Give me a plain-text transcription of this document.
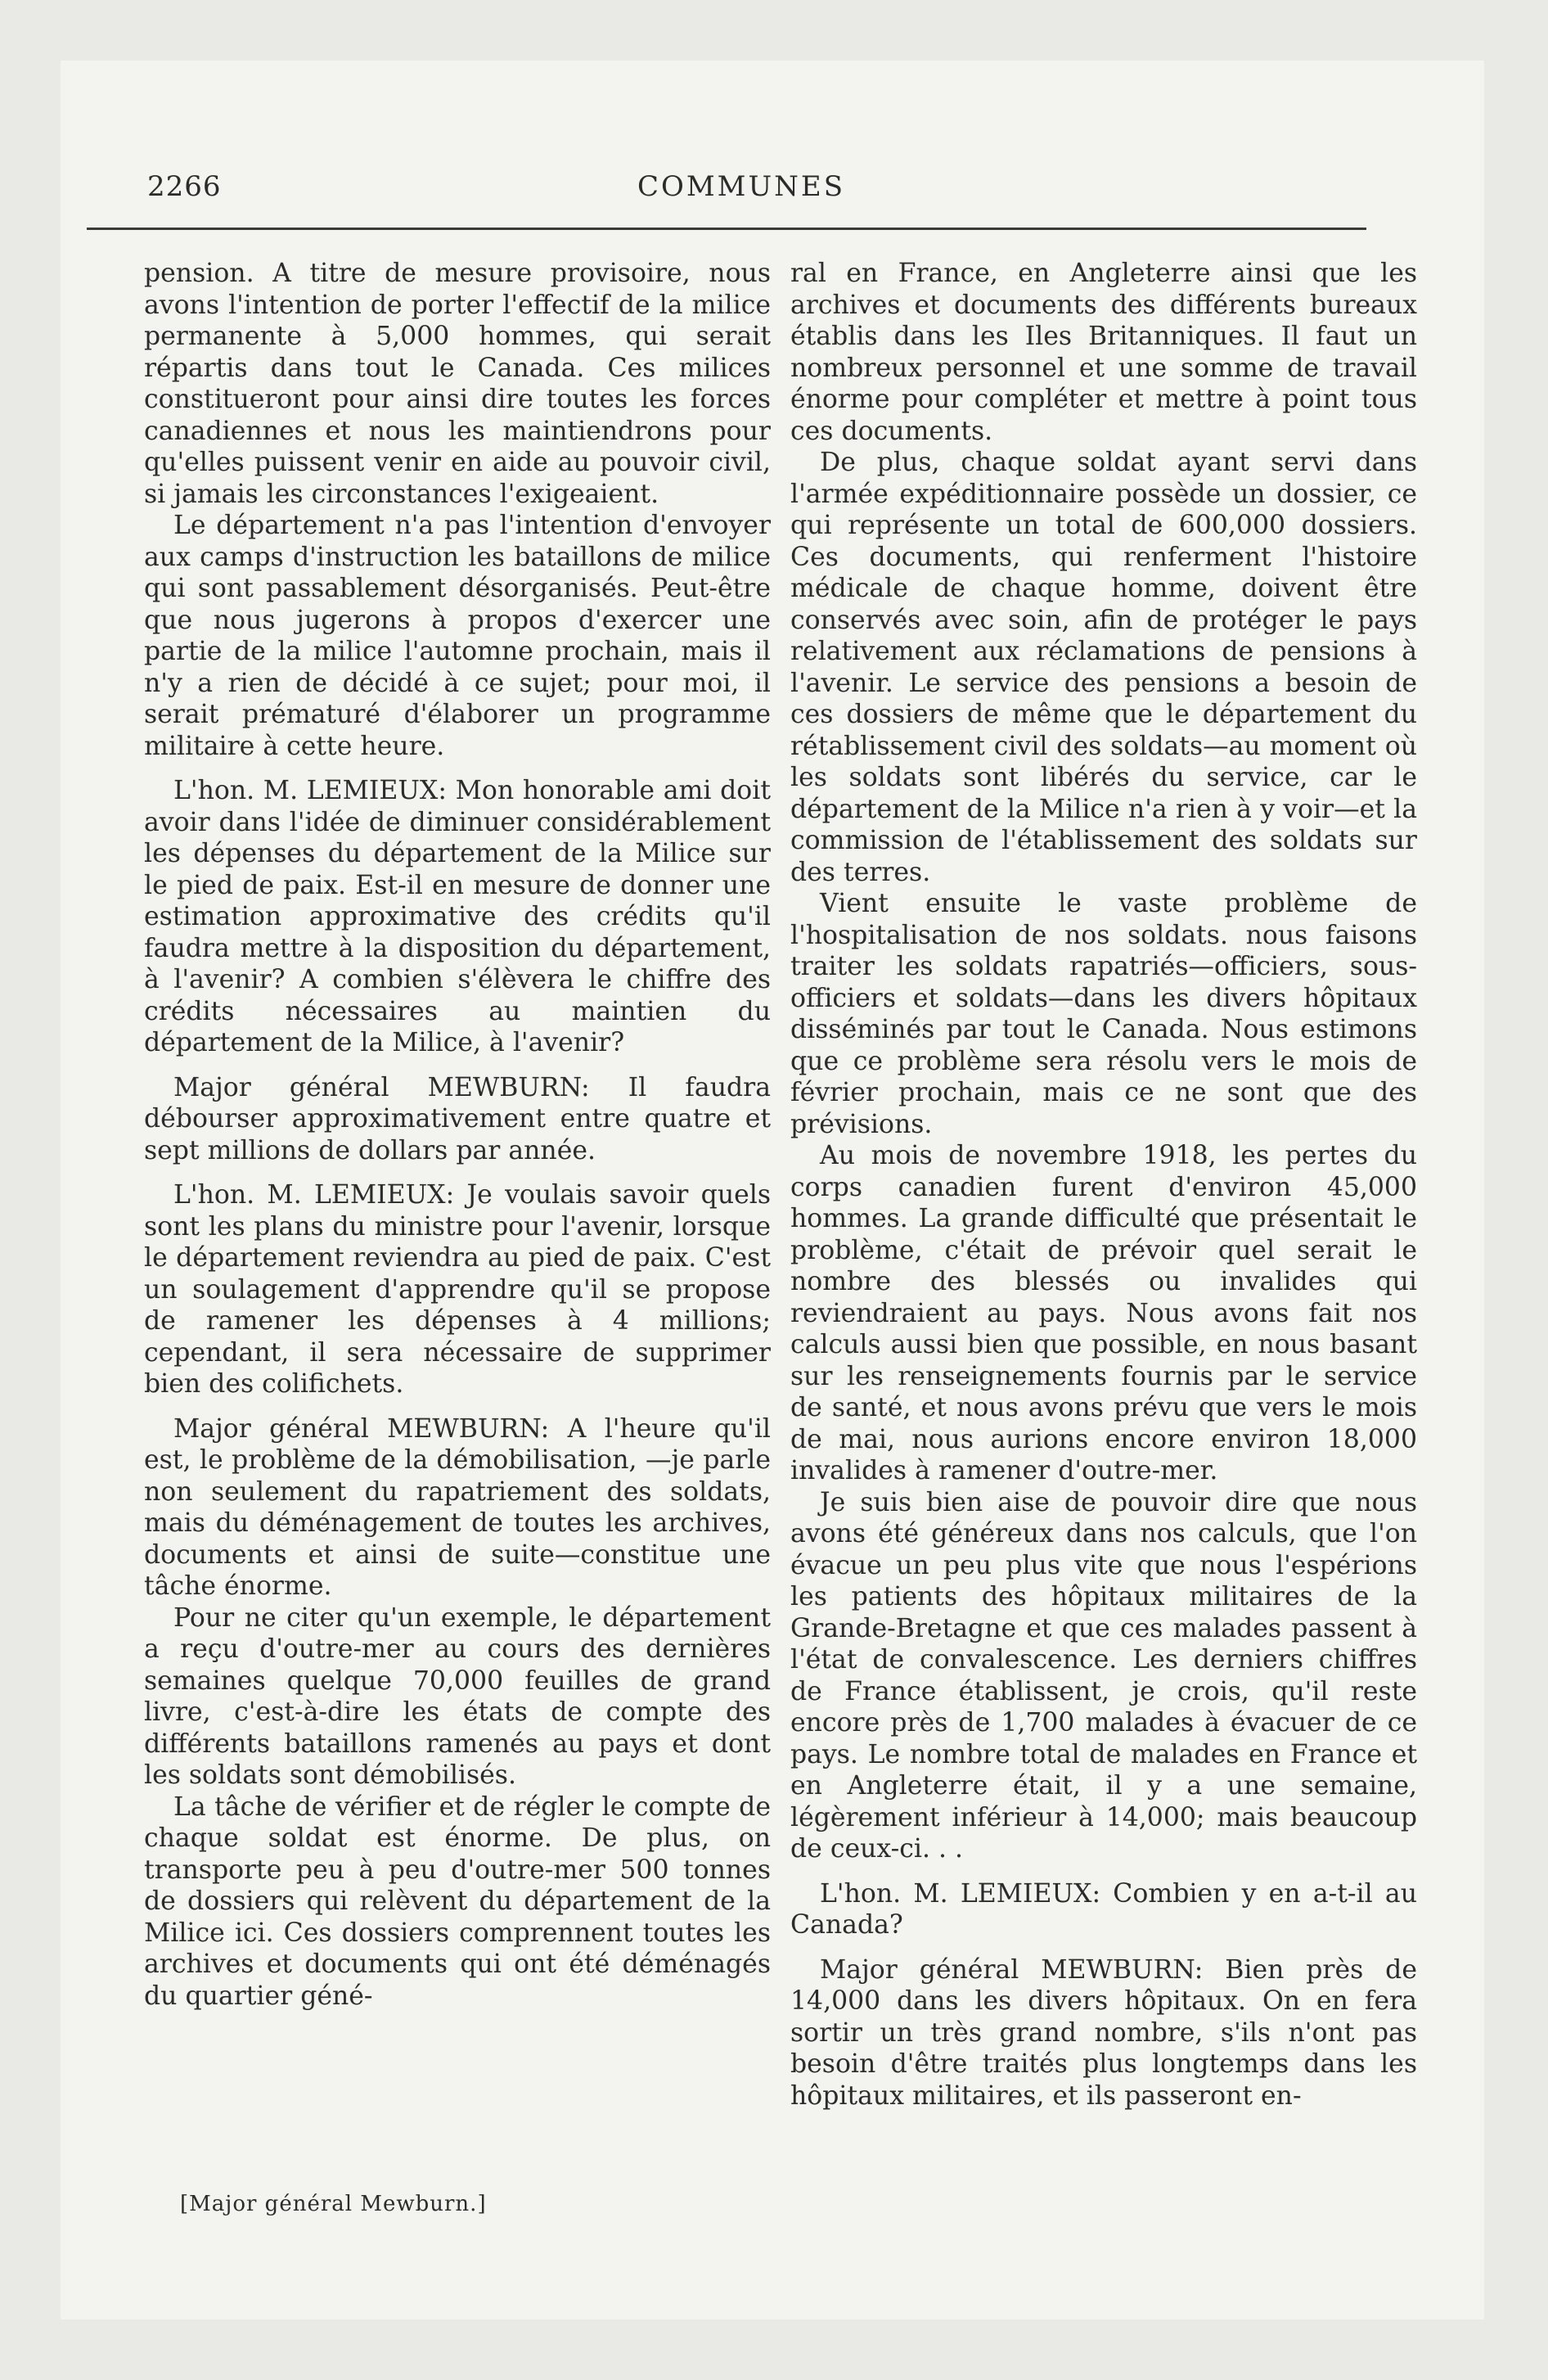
2266	COMMUNES

pension. A titre de mesure provisoire, nous avons l'intention de porter l'effectif de la milice permanente à 5,000 hommes, qui serait répartis dans tout le Canada. Ces milices constitueront pour ainsi dire toutes les forces canadiennes et nous les maintiendrons pour qu'elles puissent venir en aide au pouvoir civil, si jamais les circonstances l'exigeaient.

Le département n'a pas l'intention d'envoyer aux camps d'instruction les bataillons de milice qui sont passablement désorganisés. Peut-être que nous jugerons à propos d'exercer une partie de la milice l'automne prochain, mais il n'y a rien de décidé à ce sujet; pour moi, il serait prématuré d'élaborer un programme militaire à cette heure.

L'hon. M. LEMIEUX: Mon honorable ami doit avoir dans l'idée de diminuer considérablement les dépenses du département de la Milice sur le pied de paix. Est-il en mesure de donner une estimation approximative des crédits qu'il faudra mettre à la disposition du département, à l'avenir? A combien s'élèvera le chiffre des crédits nécessaires au maintien du département de la Milice, à l'avenir?

Major général MEWBURN: Il faudra débourser approximativement entre quatre et sept millions de dollars par année.

L'hon. M. LEMIEUX: Je voulais savoir quels sont les plans du ministre pour l'avenir, lorsque le département reviendra au pied de paix. C'est un soulagement d'apprendre qu'il se propose de ramener les dépenses à 4 millions; cependant, il sera nécessaire de supprimer bien des colifichets.

Major général MEWBURN: A l'heure qu'il est, le problème de la démobilisation, —je parle non seulement du rapatriement des soldats, mais du déménagement de toutes les archives, documents et ainsi de suite—constitue une tâche énorme.

Pour ne citer qu'un exemple, le département a reçu d'outre-mer au cours des dernières semaines quelque 70,000 feuilles de grand livre, c'est-à-dire les états de compte des différents bataillons ramenés au pays et dont les soldats sont démobilisés.

La tâche de vérifier et de régler le compte de chaque soldat est énorme. De plus, on transporte peu à peu d'outre-mer 500 tonnes de dossiers qui relèvent du département de la Milice ici. Ces dossiers comprennent toutes les archives et documents qui ont été déménagés du quartier géné-

ral en France, en Angleterre ainsi que les archives et documents des différents bureaux établis dans les Iles Britanniques. Il faut un nombreux personnel et une somme de travail énorme pour compléter et mettre à point tous ces documents.

De plus, chaque soldat ayant servi dans l'armée expéditionnaire possède un dossier, ce qui représente un total de 600,000 dossiers. Ces documents, qui renferment l'histoire médicale de chaque homme, doivent être conservés avec soin, afin de protéger le pays relativement aux réclamations de pensions à l'avenir. Le service des pensions a besoin de ces dossiers de même que le département du rétablissement civil des soldats—au moment où les soldats sont libérés du service, car le département de la Milice n'a rien à y voir—et la commission de l'établissement des soldats sur des terres.

Vient ensuite le vaste problème de l'hospitalisation de nos soldats. nous faisons traiter les soldats rapatriés—officiers, sous-officiers et soldats—dans les divers hôpitaux disséminés par tout le Canada. Nous estimons que ce problème sera résolu vers le mois de février prochain, mais ce ne sont que des prévisions.

Au mois de novembre 1918, les pertes du corps canadien furent d'environ 45,000 hommes. La grande difficulté que présentait le problème, c'était de prévoir quel serait le nombre des blessés ou invalides qui reviendraient au pays. Nous avons fait nos calculs aussi bien que possible, en nous basant sur les renseignements fournis par le service de santé, et nous avons prévu que vers le mois de mai, nous aurions encore environ 18,000 invalides à ramener d'outre-mer.

Je suis bien aise de pouvoir dire que nous avons été généreux dans nos calculs, que l'on évacue un peu plus vite que nous l'espérions les patients des hôpitaux militaires de la Grande-Bretagne et que ces malades passent à l'état de convalescence. Les derniers chiffres de France établissent, je crois, qu'il reste encore près de 1,700 malades à évacuer de ce pays. Le nombre total de malades en France et en Angleterre était, il y a une semaine, légèrement inférieur à 14,000; mais beaucoup de ceux-ci. . .

L'hon. M. LEMIEUX: Combien y en a-t-il au Canada?

Major général MEWBURN: Bien près de 14,000 dans les divers hôpitaux. On en fera sortir un très grand nombre, s'ils n'ont pas besoin d'être traités plus longtemps dans les hôpitaux militaires, et ils passeront en-

[Major général Mewburn.]
